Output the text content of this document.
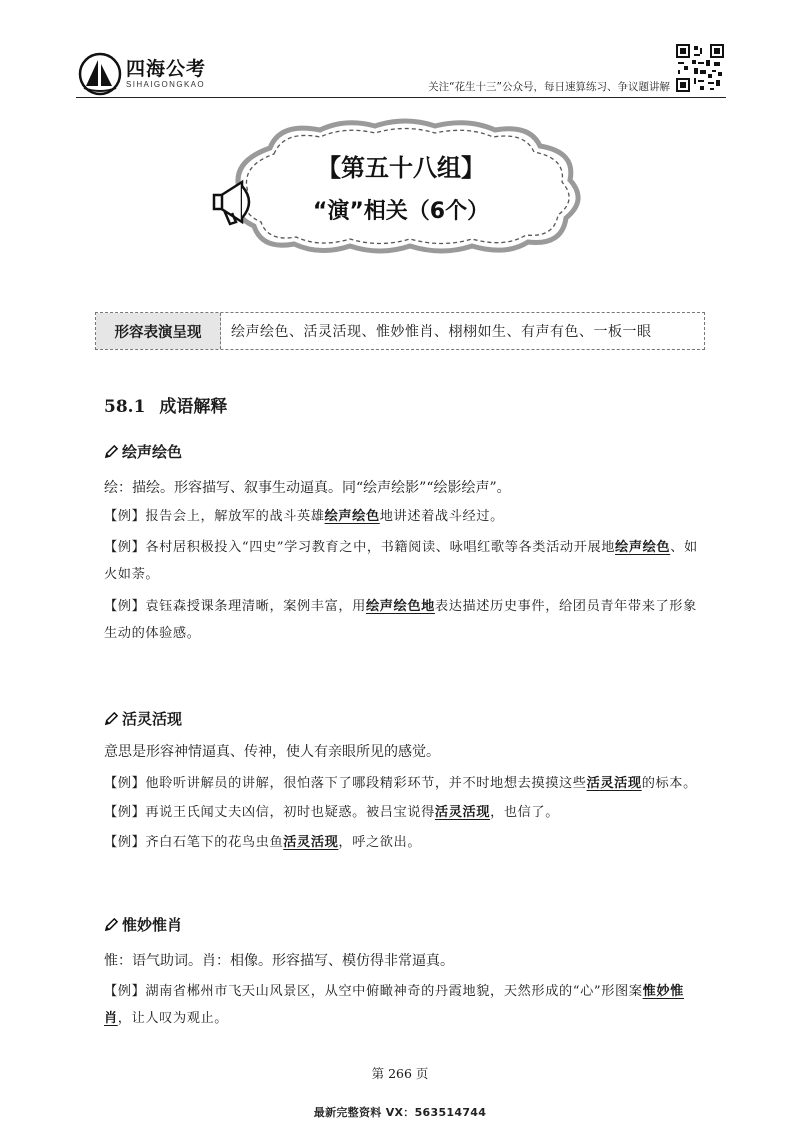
四海公考
SIHAIGONGKAO	关注“花生十三”公众号，每日速算练习、争议题讲解
【第五十八组】
“演”相关（6个）
形容表演呈现	绘声绘色、活灵活现、惟妙惟肖、栩栩如生、有声有色、一板一眼
58.1 成语解释
绘声绘色
绘：描绘。形容描写、叙事生动逼真。同“绘声绘影”“绘影绘声”。
【例】报告会上，解放军的战斗英雄绘声绘色地讲述着战斗经过。
【例】各村居积极投入“四史”学习教育之中，书籍阅读、咏唱红歌等各类活动开展地绘声绘色、如火如荼。
【例】袁钰森授课条理清晰，案例丰富，用绘声绘色地表达描述历史事件，给团员青年带来了形象生动的体验感。
活灵活现
意思是形容神情逼真、传神，使人有亲眼所见的感觉。
【例】他聆听讲解员的讲解，很怕落下了哪段精彩环节，并不时地想去摸摸这些活灵活现的标本。
【例】再说王氏闻丈夫凶信，初时也疑惑。被吕宝说得活灵活现，也信了。
【例】齐白石笔下的花鸟虫鱼活灵活现，呼之欲出。
惟妙惟肖
惟：语气助词。肖：相像。形容描写、模仿得非常逼真。
【例】湖南省郴州市飞天山风景区，从空中俯瞰神奇的丹霞地貌，天然形成的“心”形图案惟妙惟肖，让人叹为观止。
第 266 页
最新完整资料 VX：563514744
